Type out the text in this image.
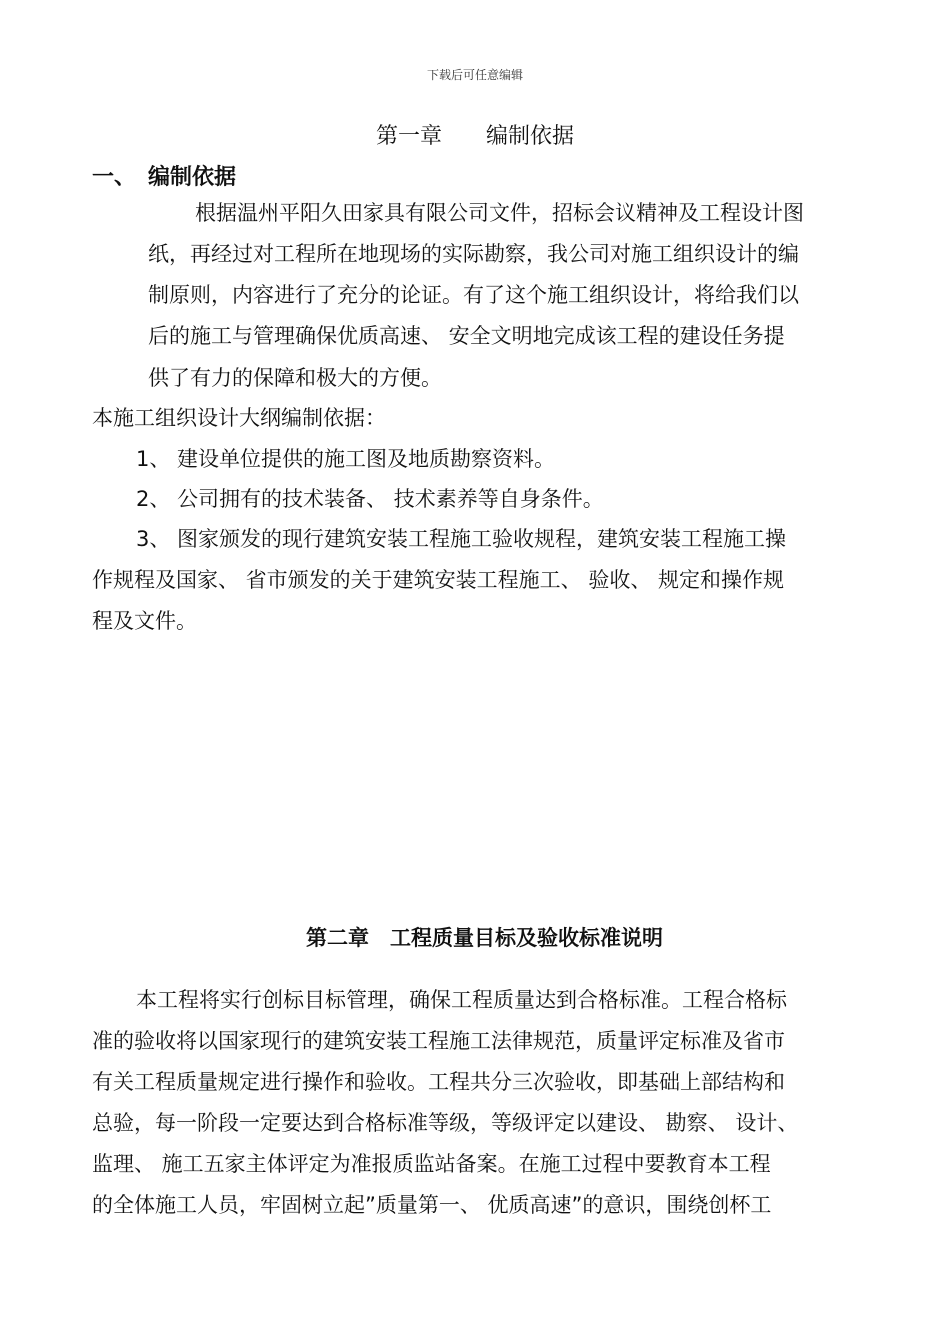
下载后可任意编辑
第一章　　编制依据
一、 编制依据
根据温州平阳久田家具有限公司文件，招标会议精神及工程设计图
纸，再经过对工程所在地现场的实际勘察，我公司对施工组织设计的编
制原则，内容进行了充分的论证。有了这个施工组织设计，将给我们以
后的施工与管理确保优质高速、 安全文明地完成该工程的建设任务提
供了有力的保障和极大的方便。
本施工组织设计大纲编制依据：
1、 建设单位提供的施工图及地质勘察资料。
2、 公司拥有的技术装备、 技术素养等自身条件。
3、 图家颁发的现行建筑安装工程施工验收规程，建筑安装工程施工操
作规程及国家、 省市颁发的关于建筑安装工程施工、 验收、 规定和操作规
程及文件。
第二章　工程质量目标及验收标准说明
本工程将实行创标目标管理，确保工程质量达到合格标准。工程合格标
准的验收将以国家现行的建筑安装工程施工法律规范，质量评定标准及省市
有关工程质量规定进行操作和验收。工程共分三次验收，即基础上部结构和
总验，每一阶段一定要达到合格标准等级，等级评定以建设、 勘察、 设计、
监理、 施工五家主体评定为准报质监站备案。在施工过程中要教育本工程
的全体施工人员，牢固树立起”质量第一、 优质高速”的意识，围绕创杯工
